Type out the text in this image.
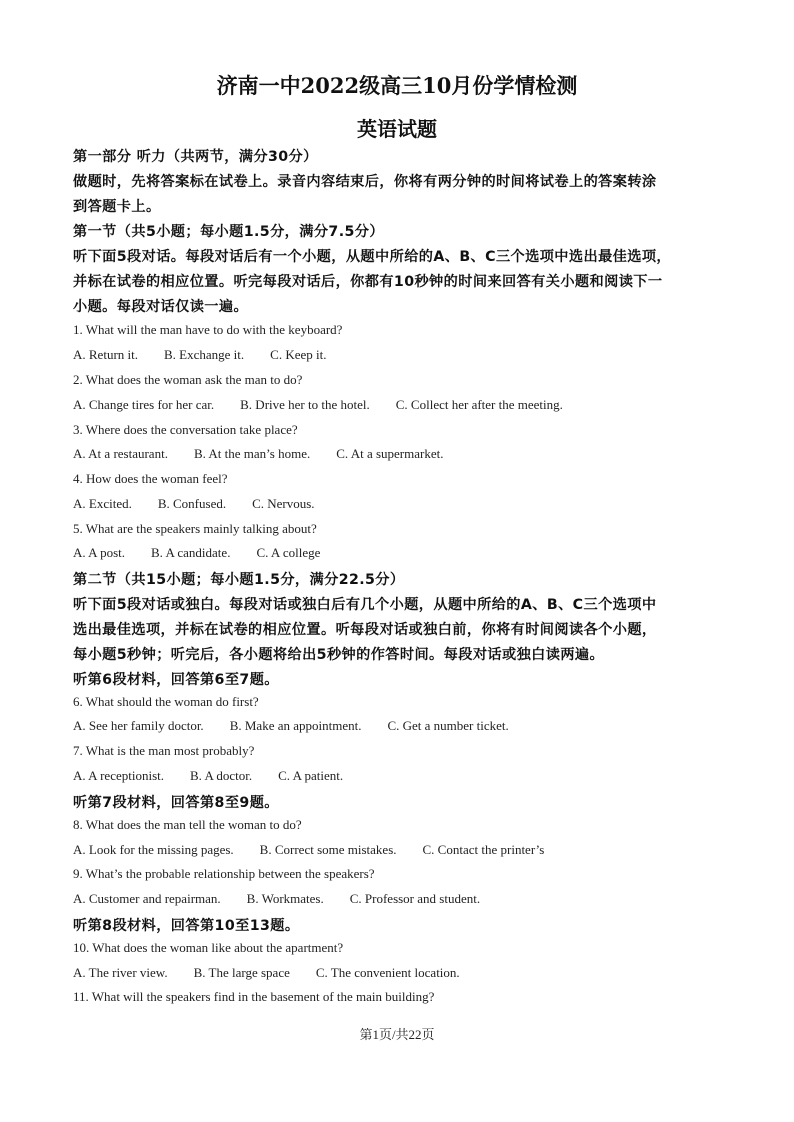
济南一中2022级高三10月份学情检测
英语试题
第一部分 听力（共两节，满分30分）
做题时，先将答案标在试卷上。录音内容结束后，你将有两分钟的时间将试卷上的答案转涂
到答题卡上。
第一节（共5小题；每小题1.5分，满分7.5分）
听下面5段对话。每段对话后有一个小题，从题中所给的A、B、C三个选项中选出最佳选项，
并标在试卷的相应位置。听完每段对话后，你都有10秒钟的时间来回答有关小题和阅读下一
小题。每段对话仅读一遍。
1. What will the man have to do with the keyboard?
A. Return it. B. Exchange it. C. Keep it.
2. What does the woman ask the man to do?
A. Change tires for her car. B. Drive her to the hotel. C. Collect her after the meeting.
3. Where does the conversation take place?
A. At a restaurant. B. At the man’s home. C. At a supermarket.
4. How does the woman feel?
A. Excited. B. Confused. C. Nervous.
5. What are the speakers mainly talking about?
A. A post. B. A candidate. C. A college
第二节（共15小题；每小题1.5分，满分22.5分）
听下面5段对话或独白。每段对话或独白后有几个小题，从题中所给的A、B、C三个选项中
选出最佳选项，并标在试卷的相应位置。听每段对话或独白前，你将有时间阅读各个小题，
每小题5秒钟；听完后，各小题将给出5秒钟的作答时间。每段对话或独白读两遍。
听第6段材料，回答第6至7题。
6. What should the woman do first?
A. See her family doctor. B. Make an appointment. C. Get a number ticket.
7. What is the man most probably?
A. A receptionist. B. A doctor. C. A patient.
听第7段材料，回答第8至9题。
8. What does the man tell the woman to do?
A. Look for the missing pages. B. Correct some mistakes. C. Contact the printer’s
9. What’s the probable relationship between the speakers?
A. Customer and repairman. B. Workmates. C. Professor and student.
听第8段材料，回答第10至13题。
10. What does the woman like about the apartment?
A. The river view. B. The large space C. The convenient location.
11. What will the speakers find in the basement of the main building?
第1页/共22页
